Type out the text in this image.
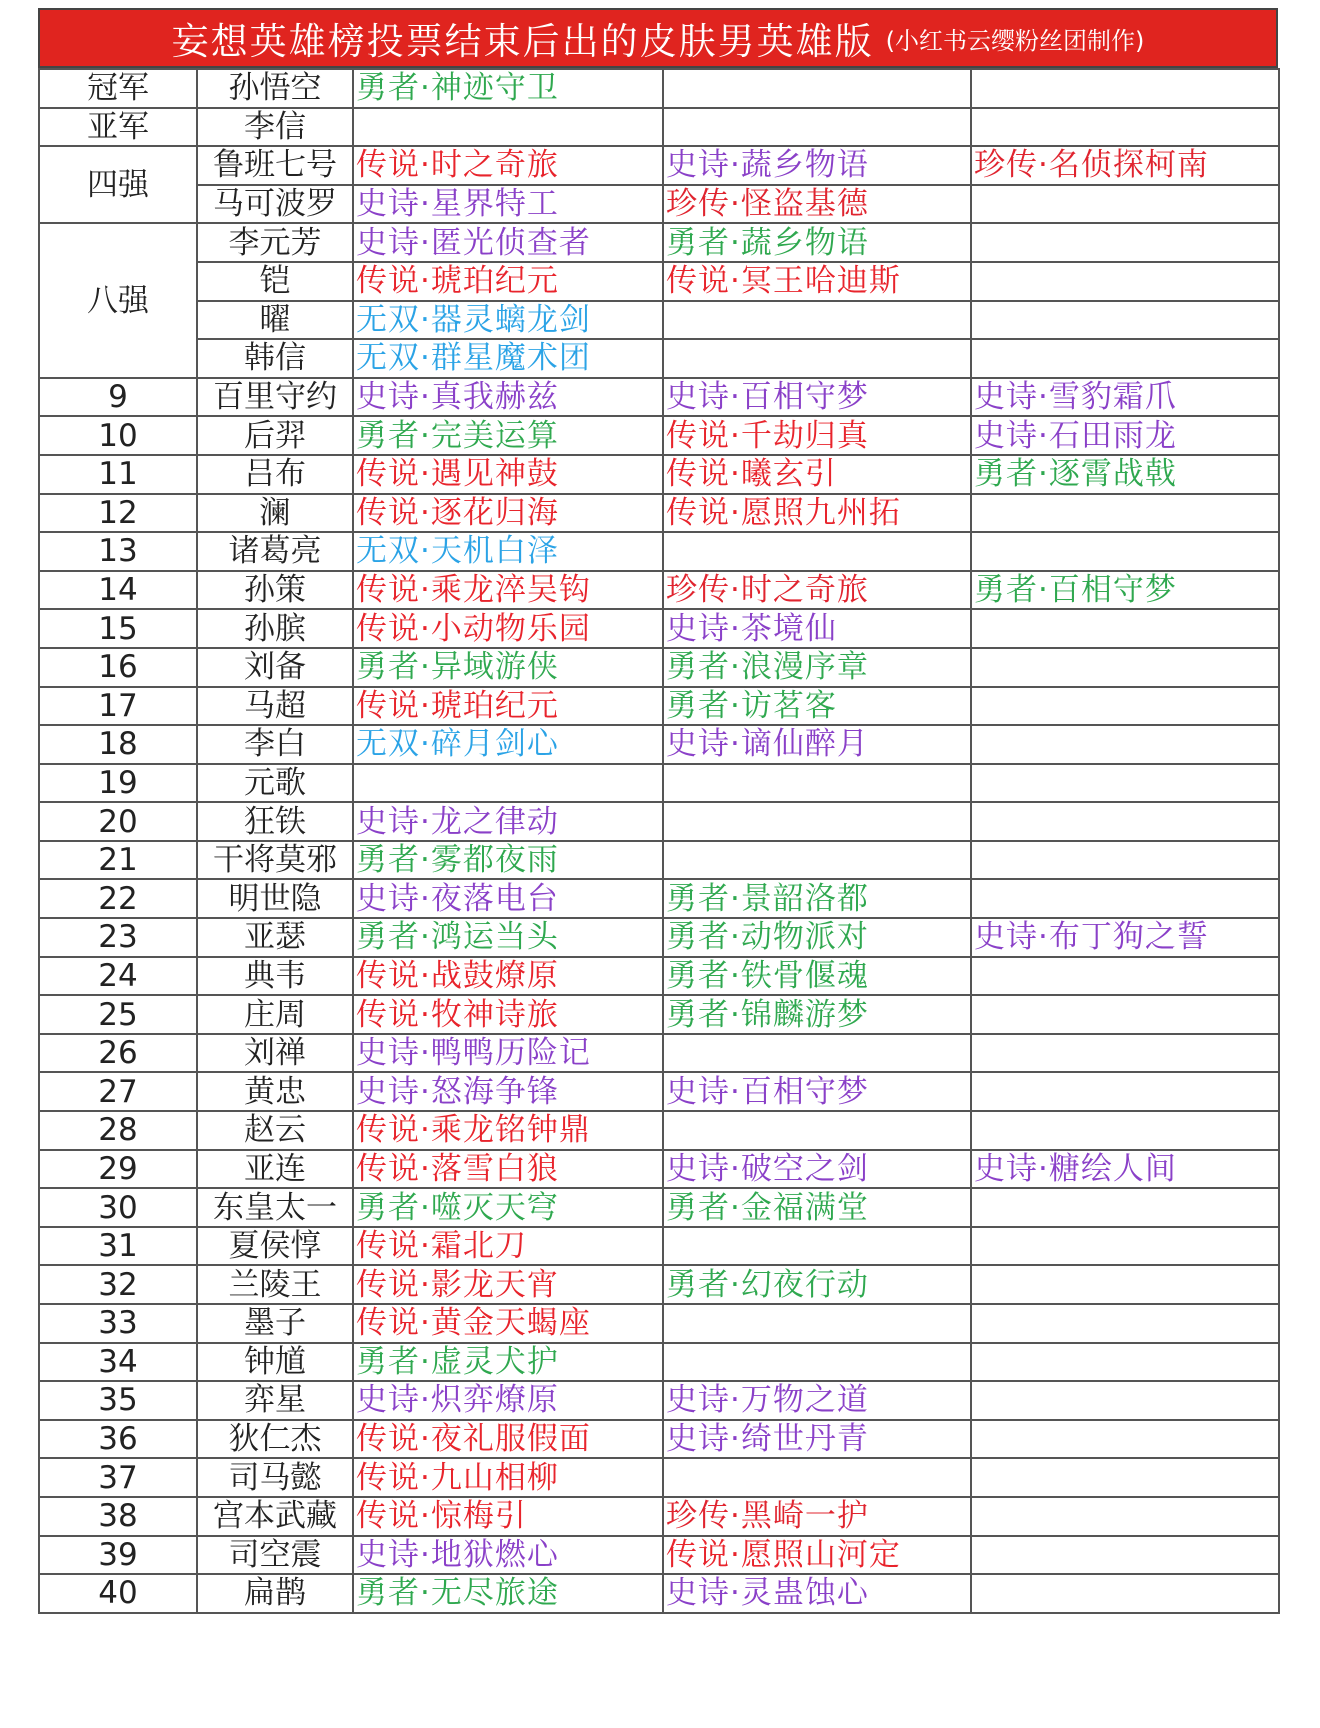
妄想英雄榜投票结束后出的皮肤男英雄版 (小红书云缨粉丝团制作)
冠军	孙悟空	勇者·神迹守卫		
亚军	李信			
四强	鲁班七号	传说·时之奇旅	史诗·蔬乡物语	珍传·名侦探柯南
	马可波罗	史诗·星界特工	珍传·怪盗基德	
八强	李元芳	史诗·匿光侦查者	勇者·蔬乡物语	
	铠	传说·琥珀纪元	传说·冥王哈迪斯	
	曜	无双·器灵螭龙剑		
	韩信	无双·群星魔术团		
9	百里守约	史诗·真我赫兹	史诗·百相守梦	史诗·雪豹霜爪
10	后羿	勇者·完美运算	传说·千劫归真	史诗·石田雨龙
11	吕布	传说·遇见神鼓	传说·曦玄引	勇者·逐霄战戟
12	澜	传说·逐花归海	传说·愿照九州拓	
13	诸葛亮	无双·天机白泽		
14	孙策	传说·乘龙淬吴钩	珍传·时之奇旅	勇者·百相守梦
15	孙膑	传说·小动物乐园	史诗·茶境仙	
16	刘备	勇者·异域游侠	勇者·浪漫序章	
17	马超	传说·琥珀纪元	勇者·访茗客	
18	李白	无双·碎月剑心	史诗·谪仙醉月	
19	元歌			
20	狂铁	史诗·龙之律动		
21	干将莫邪	勇者·雾都夜雨		
22	明世隐	史诗·夜落电台	勇者·景韶洛都	
23	亚瑟	勇者·鸿运当头	勇者·动物派对	史诗·布丁狗之誓
24	典韦	传说·战鼓燎原	勇者·铁骨偃魂	
25	庄周	传说·牧神诗旅	勇者·锦麟游梦	
26	刘禅	史诗·鸭鸭历险记		
27	黄忠	史诗·怒海争锋	史诗·百相守梦	
28	赵云	传说·乘龙铭钟鼎		
29	亚连	传说·落雪白狼	史诗·破空之剑	史诗·糖绘人间
30	东皇太一	勇者·噬灭天穹	勇者·金福满堂	
31	夏侯惇	传说·霜北刀		
32	兰陵王	传说·影龙天宵	勇者·幻夜行动	
33	墨子	传说·黄金天蝎座		
34	钟馗	勇者·虚灵犬护		
35	弈星	史诗·炽弈燎原	史诗·万物之道	
36	狄仁杰	传说·夜礼服假面	史诗·绮世丹青	
37	司马懿	传说·九山相柳		
38	宫本武藏	传说·惊梅引	珍传·黑崎一护	
39	司空震	史诗·地狱燃心	传说·愿照山河定	
40	扁鹊	勇者·无尽旅途	史诗·灵蛊蚀心	
